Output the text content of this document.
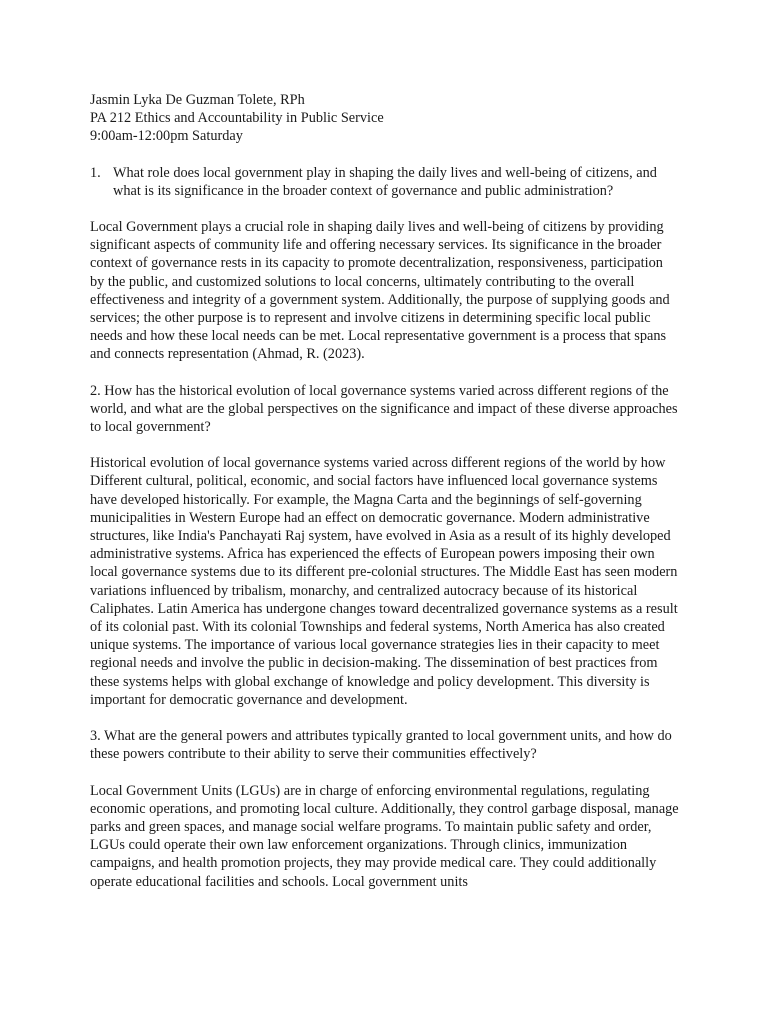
Jasmin Lyka De Guzman Tolete, RPh

PA 212 Ethics and Accountability in Public Service

9:00am-12:00pm Saturday

1. What role does local government play in shaping the daily lives and well-being of citizens, and what is its significance in the broader context of governance and public administration?

Local Government plays a crucial role in shaping daily lives and well-being of citizens by providing significant aspects of community life and offering necessary services. Its significance in the broader context of governance rests in its capacity to promote decentralization, responsiveness, participation by the public, and customized solutions to local concerns, ultimately contributing to the overall effectiveness and integrity of a government system. Additionally, the purpose of supplying goods and services; the other purpose is to represent and involve citizens in determining specific local public needs and how these local needs can be met. Local representative government is a process that spans and connects representation (Ahmad, R. (2023).

2. How has the historical evolution of local governance systems varied across different regions of the world, and what are the global perspectives on the significance and impact of these diverse approaches to local government?

Historical evolution of local governance systems varied across different regions of the world by how Different cultural, political, economic, and social factors have influenced local governance systems have developed historically. For example, the Magna Carta and the beginnings of self-governing municipalities in Western Europe had an effect on democratic governance. Modern administrative structures, like India's Panchayati Raj system, have evolved in Asia as a result of its highly developed administrative systems. Africa has experienced the effects of European powers imposing their own local governance systems due to its different pre-colonial structures. The Middle East has seen modern variations influenced by tribalism, monarchy, and centralized autocracy because of its historical Caliphates. Latin America has undergone changes toward decentralized governance systems as a result of its colonial past. With its colonial Townships and federal systems, North America has also created unique systems. The importance of various local governance strategies lies in their capacity to meet regional needs and involve the public in decision-making. The dissemination of best practices from these systems helps with global exchange of knowledge and policy development. This diversity is important for democratic governance and development.

3. What are the general powers and attributes typically granted to local government units, and how do these powers contribute to their ability to serve their communities effectively?

Local Government Units (LGUs) are in charge of enforcing environmental regulations, regulating economic operations, and promoting local culture. Additionally, they control garbage disposal, manage parks and green spaces, and manage social welfare programs. To maintain public safety and order, LGUs could operate their own law enforcement organizations. Through clinics, immunization campaigns, and health promotion projects, they may provide medical care. They could additionally operate educational facilities and schools. Local government units
